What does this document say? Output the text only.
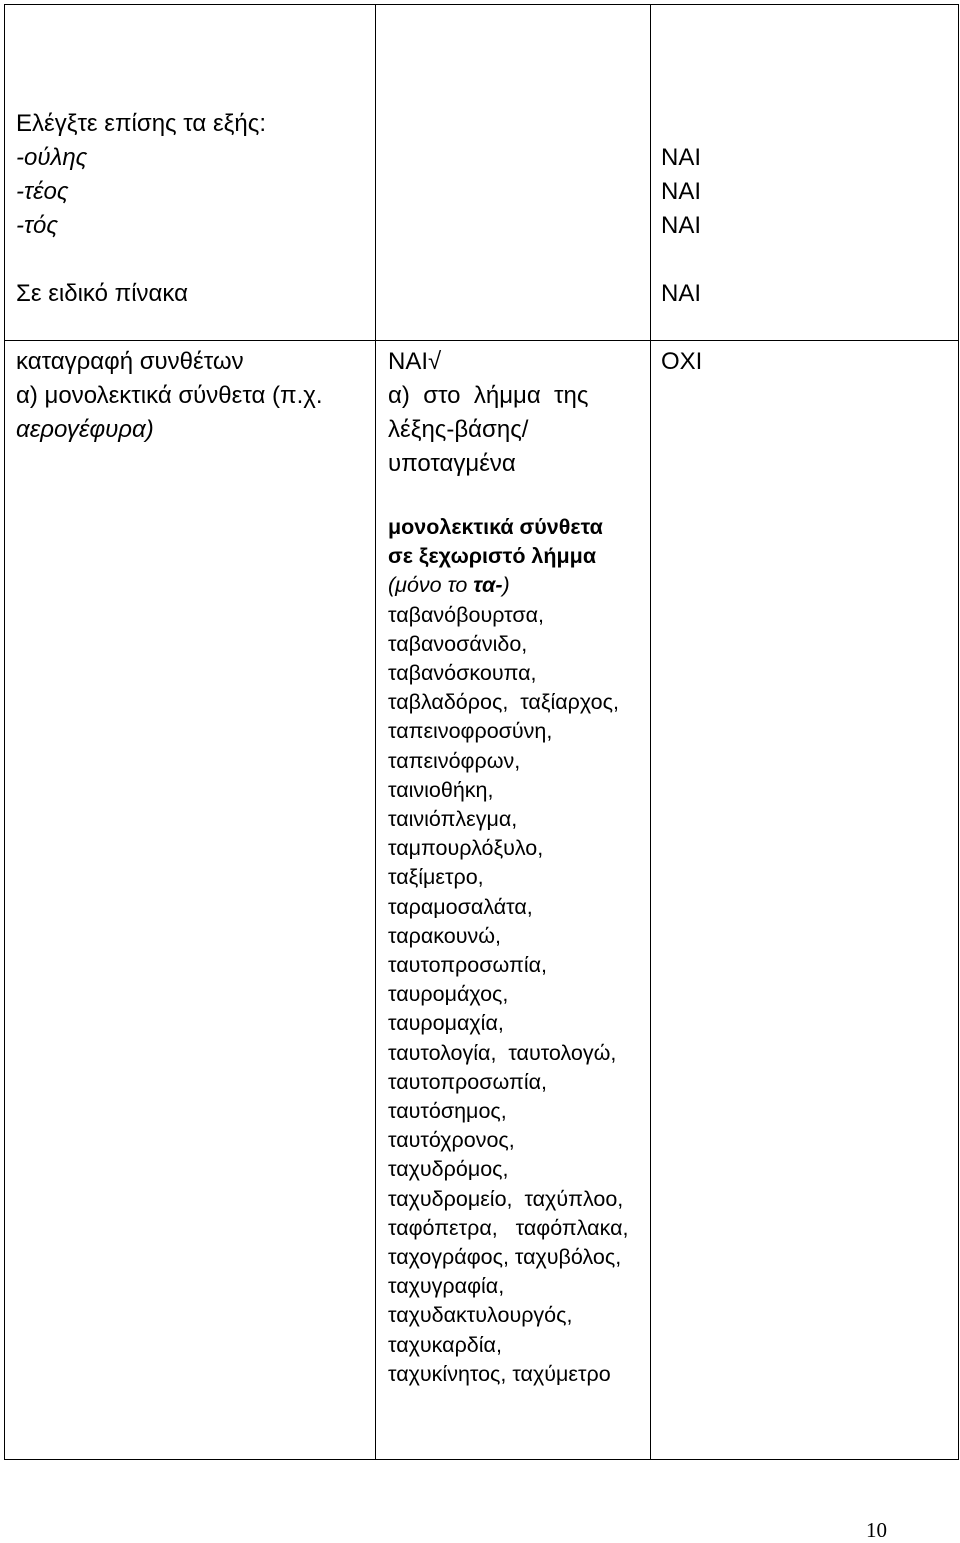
Ελέγξτε επίσης τα εξής:
-ούλης
-τέος
-τός
Σε ειδικό πίνακα
ΝΑΙ
ΝΑΙ
ΝΑΙ
ΝΑΙ
καταγραφή συνθέτων
α) μονολεκτικά σύνθετα (π.χ.
αερογέφυρα)
ΝΑΙ√
α)  στο  λήμμα  της
λέξης-βάσης/
υποταγμένα
ΟΧΙ
μονολεκτικά σύνθετα
σε ξεχωριστό λήμμα
(μόνο το τα-)
ταβανόβουρτσα,
ταβανοσάνιδο,
ταβανόσκουπα,
ταβλαδόρος,  ταξίαρχος,
ταπεινοφροσύνη,
ταπεινόφρων,
ταινιοθήκη,
ταινιόπλεγμα,
ταμπουρλόξυλο,
ταξίμετρο,
ταραμοσαλάτα,
ταρακουνώ,
ταυτοπροσωπία,
ταυρομάχος,
ταυρομαχία,
ταυτολογία,  ταυτολογώ,
ταυτοπροσωπία,
ταυτόσημος,
ταυτόχρονος,
ταχυδρόμος,
ταχυδρομείο,  ταχύπλοο,
ταφόπετρα,   ταφόπλακα,
ταχογράφος, ταχυβόλος,
ταχυγραφία,
ταχυδακτυλουργός,
ταχυκαρδία,
ταχυκίνητος, ταχύμετρο
10
